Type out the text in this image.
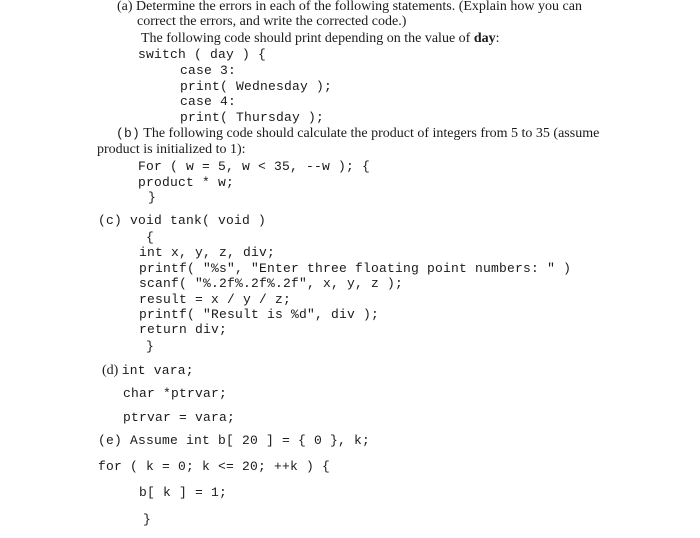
(a) Determine the errors in each of the following statements. (Explain how you can
correct the errors, and write the corrected code.)
The following code should print depending on the value of day:
switch ( day ) {
case 3:
print( Wednesday );
case 4:
print( Thursday );
(b) The following code should calculate the product of integers from 5 to 35 (assume
product is initialized to 1):
For ( w = 5, w < 35, --w ); {
product * w;
}
(c) void tank( void )
{
int x, y, z, div;
printf( "%s", "Enter three floating point numbers: " )
scanf( "%.2f%.2f%.2f", x, y, z );
result = x / y / z;
printf( "Result is %d", div );
return div;
}
(d) int vara;
char *ptrvar;
ptrvar = vara;
(e) Assume int b[ 20 ] = { 0 }, k;
for ( k = 0; k <= 20; ++k ) {
b[ k ] = 1;
}
